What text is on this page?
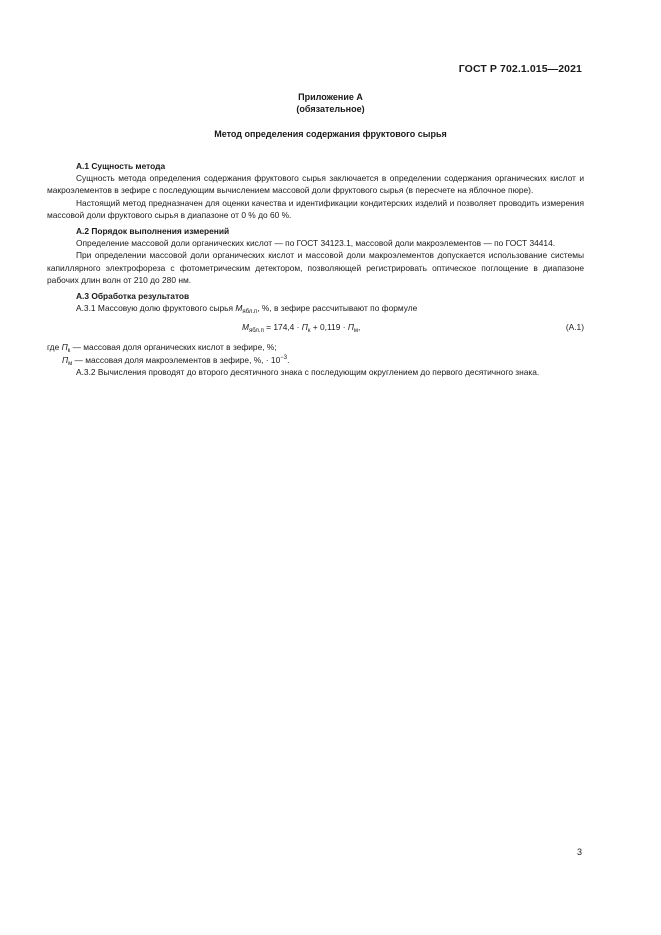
ГОСТ Р 702.1.015—2021
Приложение А
(обязательное)
Метод определения содержания фруктового сырья

А.1 Сущность метода

Сущность метода определения содержания фруктового сырья заключается в определении содержания органических кислот и макроэлементов в зефире с последующим вычислением массовой доли фруктового сырья (в пересчете на яблочное пюре).

Настоящий метод предназначен для оценки качества и идентификации кондитерских изделий и позволяет проводить измерения массовой доли фруктового сырья в диапазоне от 0 % до 60 %.

А.2 Порядок выполнения измерений

Определение массовой доли органических кислот — по ГОСТ 34123.1, массовой доли макроэлементов — по ГОСТ 34414.

При определении массовой доли органических кислот и массовой доли макроэлементов допускается использование системы капиллярного электрофореза с фотометрическим детектором, позволяющей регистрировать оптическое поглощение в диапазоне рабочих длин волн от 210 до 280 нм.

А.3 Обработка результатов

А.3.1 Массовую долю фруктового сырья $M_{ябл.п}$, %, в зефире рассчитывают по формуле

$M_{ябл.п} = 174,4 \cdot П_к + 0,119 \cdot П_м$,	(А.1)

где $П_к$ — массовая доля органических кислот в зефире, %;

$П_м$ — массовая доля макроэлементов в зефире, %, · $10^{-3}$.

А.3.2 Вычисления проводят до второго десятичного знака с последующим округлением до первого десятичного знака.

3
